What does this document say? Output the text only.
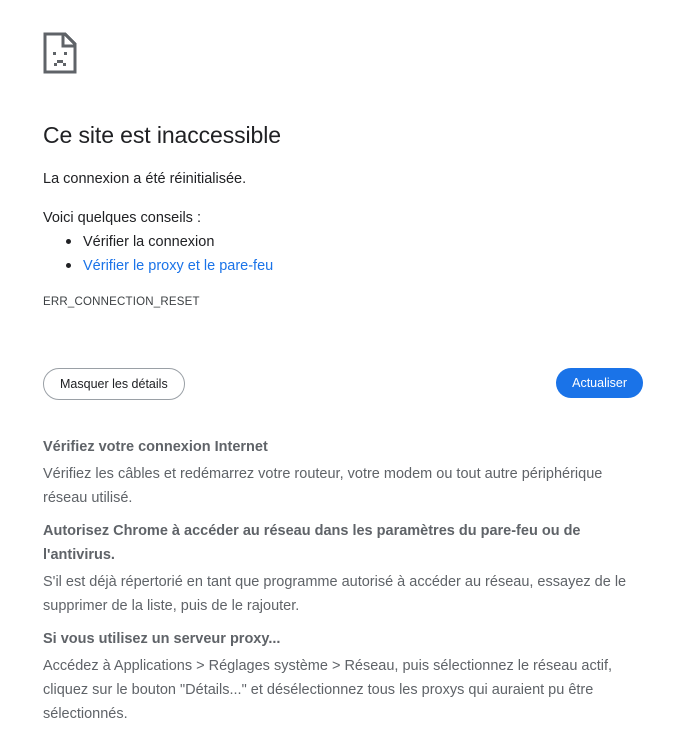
Ce site est inaccessible
La connexion a été réinitialisée.
Voici quelques conseils :
Vérifier la connexion
Vérifier le proxy et le pare-feu
ERR_CONNECTION_RESET
Masquer les détails	Actualiser

Vérifiez votre connexion Internet

Vérifiez les câbles et redémarrez votre routeur, votre modem ou tout autre périphérique réseau utilisé.

Autorisez Chrome à accéder au réseau dans les paramètres du pare-feu ou de l'antivirus.

S'il est déjà répertorié en tant que programme autorisé à accéder au réseau, essayez de le supprimer de la liste, puis de le rajouter.

Si vous utilisez un serveur proxy...

Accédez à Applications > Réglages système > Réseau, puis sélectionnez le réseau actif, cliquez sur le bouton "Détails..." et désélectionnez tous les proxys qui auraient pu être sélectionnés.
